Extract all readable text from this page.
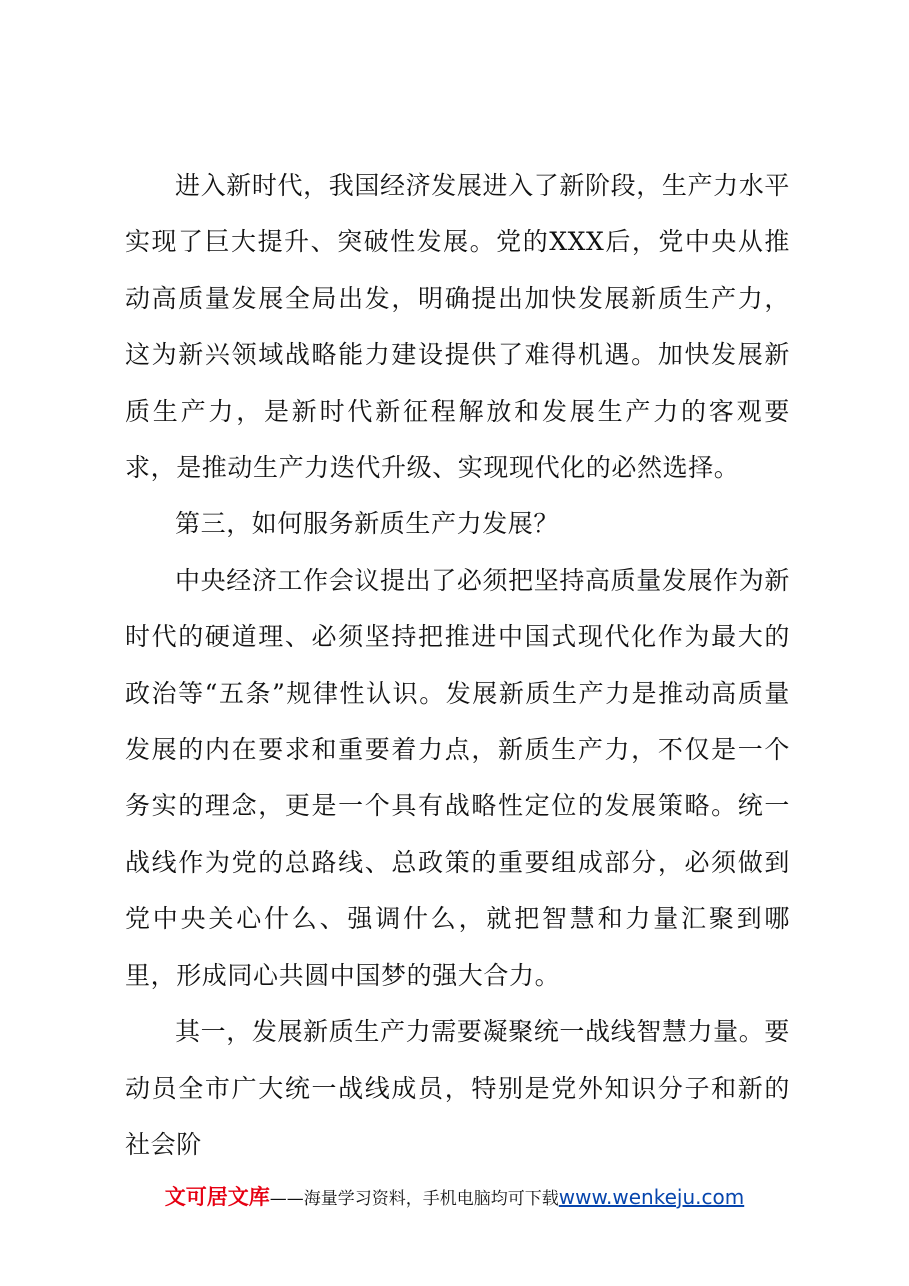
进入新时代，我国经济发展进入了新阶段，生产力水平实现了巨大提升、突破性发展。党的XXX后，党中央从推动高质量发展全局出发，明确提出加快发展新质生产力，这为新兴领域战略能力建设提供了难得机遇。加快发展新质生产力，是新时代新征程解放和发展生产力的客观要求，是推动生产力迭代升级、实现现代化的必然选择。

第三，如何服务新质生产力发展？

中央经济工作会议提出了必须把坚持高质量发展作为新时代的硬道理、必须坚持把推进中国式现代化作为最大的政治等“五条”规律性认识。发展新质生产力是推动高质量发展的内在要求和重要着力点，新质生产力，不仅是一个务实的理念，更是一个具有战略性定位的发展策略。统一战线作为党的总路线、总政策的重要组成部分，必须做到党中央关心什么、强调什么，就把智慧和力量汇聚到哪里，形成同心共圆中国梦的强大合力。

其一，发展新质生产力需要凝聚统一战线智慧力量。要动员全市广大统一战线成员，特别是党外知识分子和新的社会阶

文可居文库——海量学习资料，手机电脑均可下载www.wenkeju.com
